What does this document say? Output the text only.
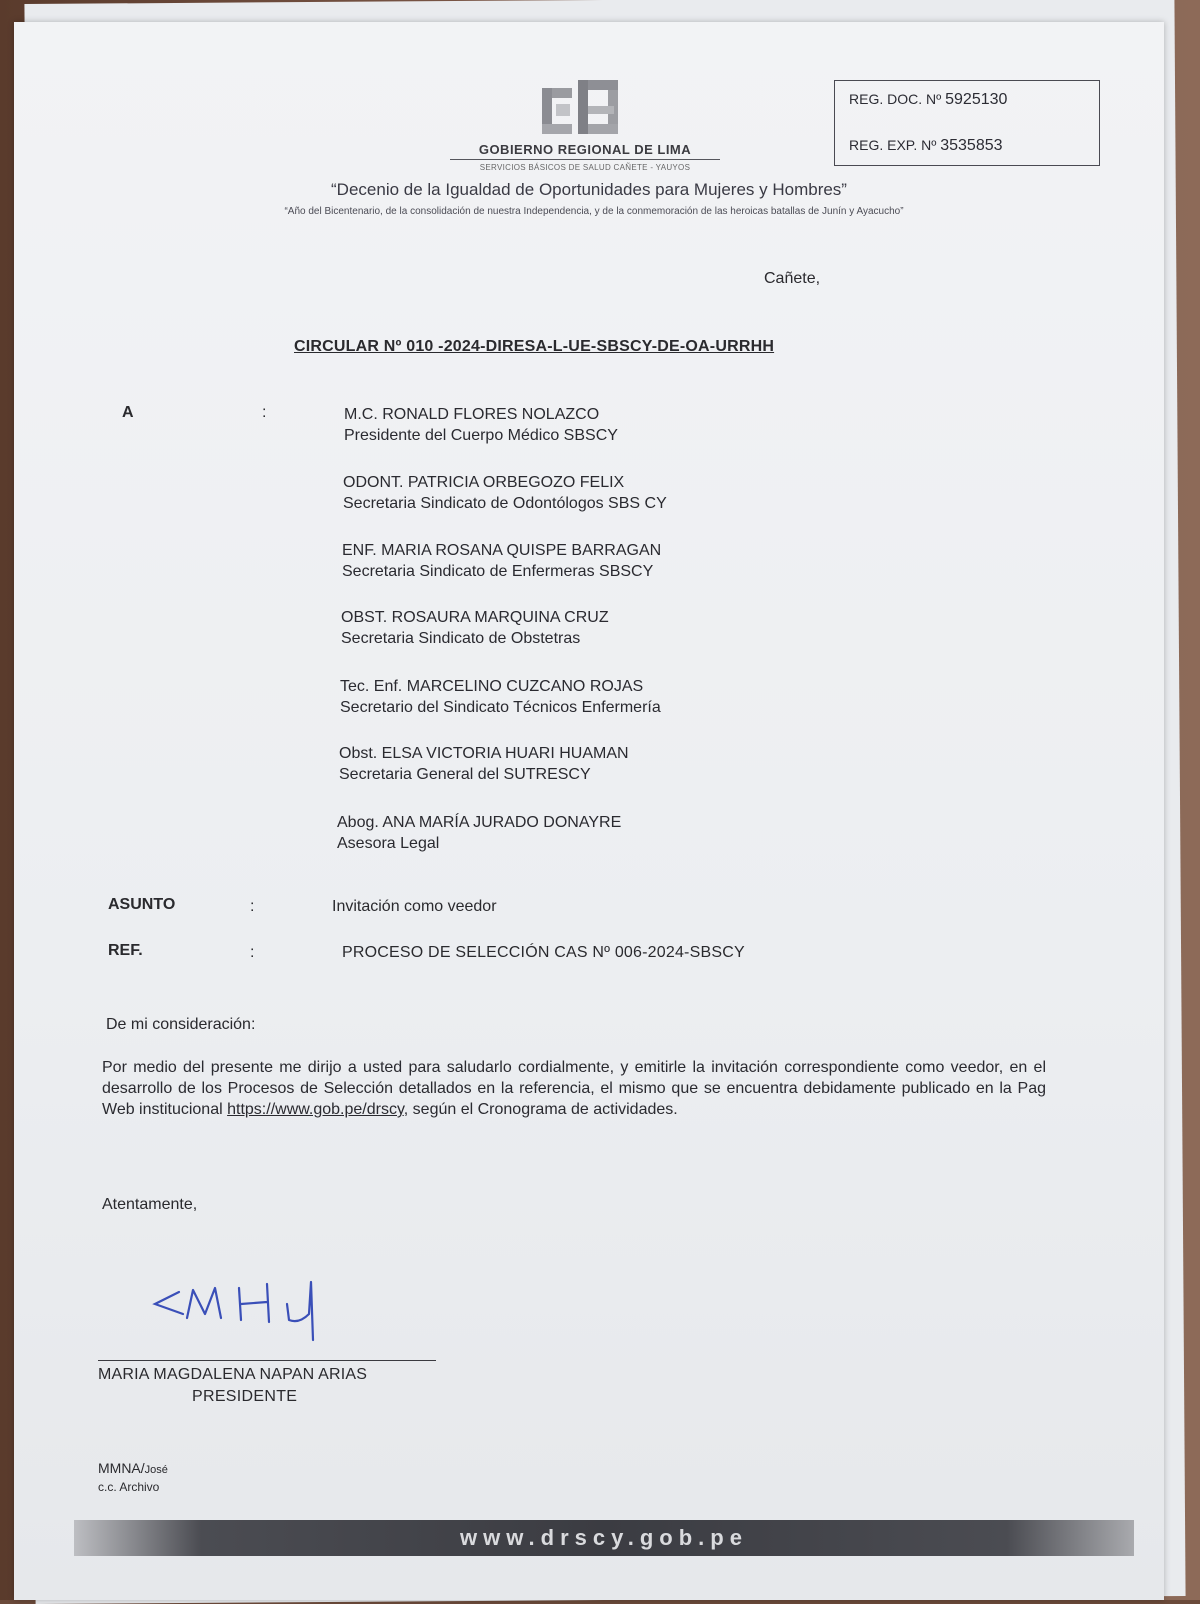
GOBIERNO REGIONAL DE LIMA
SERVICIOS BÁSICOS DE SALUD CAÑETE - YAUYOS
REG. DOC. Nº 5925130
REG. EXP. Nº 3535853
“Decenio de la Igualdad de Oportunidades para Mujeres y Hombres”
“Año del Bicentenario, de la consolidación de nuestra Independencia, y de la conmemoración de las heroicas batallas de Junín y Ayacucho”
Cañete,
CIRCULAR Nº 010 -2024-DIRESA-L-UE-SBSCY-DE-OA-URRHH
A	:	M.C. RONALD FLORES NOLAZCO
Presidente del Cuerpo Médico SBSCY
ODONT. PATRICIA ORBEGOZO FELIX
Secretaria Sindicato de Odontólogos SBS CY
ENF. MARIA ROSANA QUISPE BARRAGAN
Secretaria Sindicato de Enfermeras SBSCY
OBST. ROSAURA MARQUINA CRUZ
Secretaria Sindicato de Obstetras
Tec. Enf. MARCELINO CUZCANO ROJAS
Secretario del Sindicato Técnicos Enfermería
Obst. ELSA VICTORIA HUARI HUAMAN
Secretaria General del SUTRESCY
Abog. ANA MARÍA JURADO DONAYRE
Asesora Legal
ASUNTO	:	Invitación como veedor
REF.	:	PROCESO DE SELECCIÓN CAS Nº 006-2024-SBSCY
De mi consideración:
Por medio del presente me dirijo a usted para saludarlo cordialmente, y emitirle la invitación correspondiente como veedor, en el desarrollo de los Procesos de Selección detallados en la referencia, el mismo que se encuentra debidamente publicado en la Pag Web institucional https://www.gob.pe/drscy, según el Cronograma de actividades.
Atentamente,
MARIA MAGDALENA NAPAN ARIAS
PRESIDENTE
MMNA/José
c.c. Archivo
www.drscy.gob.pe
